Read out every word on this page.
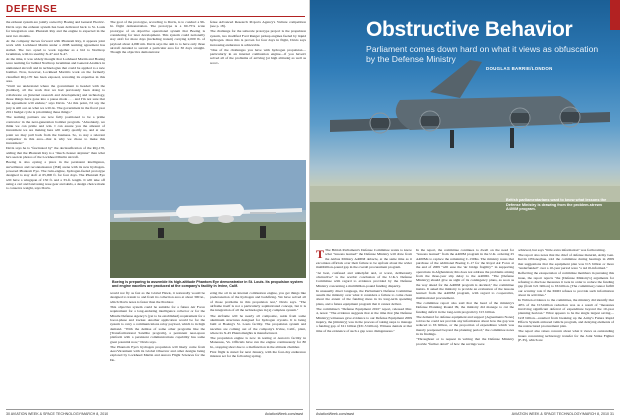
DEFENSE

the exhaust system are jointly owned by Boeing and General Electric.

Davis says the exhaust system has been delivered back to St. Louis for integration onto Phantom Ray and the engine is expected in the next two months.

At the company moves forward with Phantom Ray, it appears joint work with Lockheed Martin under a 2008 teaming agreement has stalled. The two opted to work together as a bid to Northrop Grumman, with its stealthy X-47 and X-47.

At the time, it was widely thought that Lockheed Martin and Boeing were teaming for behind Northrop Grumman and General Atomics in unmanned aircraft and in technologies that could be applied to a new bomber. Now, however, Lockheed Martin's work on the formerly classified RQ-170 has been exposed, revealing its expertise in this area.

"Until we understand where the government is headed with the [bomber], all the work that we had previously been doing to collaborate on [internal research and development] and technology, those things have gone into a pause mode . . . and I'm not sure that the agreement will endure," says Davis. "At this point, I'd say the jury is still out on what we will do. The government in the fiscal year 2011 budget cycle is prioritizing these things."

The teaming partners are now fully positioned to be a prime contractor in the next-generation bomber program. "Absolutely, we think we can prime and win. I can assure you the amount of investment we are making here will really qualify us, and at one point we may pull back from the business. So, to stay a relevant competitor in this area—that is why we chose to make this investment."

Davis says he is "fascinated by" the declassification of the RQ-170, adding that the Phantom Ray is a "much cleaner airplane" than what he's seen in photos of the Lockheed Martin aircraft.

Boeing is also eyeing a place in the persistent intelligence, surveillance and reconnaissance (ISR) arena with its new hydrogen-powered Phantom Eye. The twin-engine, hydrogen-fueled prototype designed to stay aloft at 65,000 ft. for four days. The Phantom Eye will have a wingspan of 150 ft. and a 33-ft. length. It will take off using a cart and land using nose gear and skids, a design choice made to conserve weight, says Davis.

The goal of the prototype, according to Davis, is to conduct a 96-hr. flight demonstration. The prototype is a 60-75% scale prototype of an objective operational system that Boeing is considering for later development. This system could notionally stay aloft for more days (including transit) carrying 2,000 lb. of payload about 4,000 nm. Davis says the aim is to have only three aircraft detailed to surveil a particular area for 30 days straight. Though the objective demonstrator

fense Advanced Research Projects Agency's Vulture competition (see p. 18).

The challenge for the subscale prototype project is the propulsion system, two modified Ford Ranger pickup engines fueled by liquid hydrogen. Once this is proven for four days in flight, Davis says increasing endurance is achievable.

"One of the challenges you have with hydrogen propulsion—particularly in an internal combustion engine—if you haven't solved all of the problems of arriving [at high altitude] as well as recov-

Boeing is preparing to assemble its high-altitude Phantom Eye demonstrator in St. Louis. Its propulsion system and engine nacelles are produced at the company's facility in Irvine, Calif.

would not fly as fast as the Global Hawk, it notionally would be designed to transit to and from its collection area at about 300 kt., which Davis notes is faster than the Predator.

This objective system could be suitable for a future Air Force requirement for a long-enduring intelligence collector or for the Missile Defense Agency's (yet to be established) requirement for a boost-phase and tracker. Another application would be for the system to carry a communications relay payload, which is in high demand. "With the demise of some other programs like the [Transformational Satellite program], a persistent near-space platform with a persistent communications capability has some great potential now," Davis says.

The Phantom Eye's hydrogen propulsion will likely come from AeroVironment with its Global Observer and other designs being explored by Lockheed Martin and Aurora Flight Sciences for the De-

ering the oil in an internal combustion engine, you get things like predetonation of the hydrogen and backfiring. We have solved all of those problems in this propulsion test," Davis says. "The airframe itself is not a particularly sophisticated concept, but it is the integration of all the technologies in [a] complete system."

The airframe will be nearly all composite, aside from some aluminum structures designed for hydrogen crystals. It is being built at Boeing's St. Louis facility. The propulsion system and nacelles are coming out of the company's Irvine, Calif., plant, where its X-45 Phantomsights is manufactured.

The propulsion engine is now in testing at Aurora's facility in Manassas, Va. Officials have run the engine continuously for 80 hr., stopping short due to a malfunction in the altitude chamber.

First flight is slated for next January, with the four-day endurance mission set for the following spring.

30 AVIATION WEEK & SPACE TECHNOLOGY/MARCH 8, 2010	AviationWeek.com/awst
Obstructive Behavior
Parliament comes down hard on what it views as obfuscation by the Defense Ministry
DOUGLAS BARRIE/LONDON
British parliamentarians want to know what lessons the Defense Ministry is drawing from the problem-strewn A400M program.

T The British Parliament's Defense Committee wants to know what "lessons learned" the Defense Ministry will draw from the Airbus Military A400M debacle, at the same time as it excoriates officials over their failure to be upfront about the wider multibillion-pound gap in the overall procurement program.

"At best, confused and unhelpful and, at worst, deliberately obstructive" is the acerbic conclusion of the U.K.'s Defense Committee with regard to evidence provided by the Defense Ministry concerning a multibillion-pound funding disparity.

In unusually direct language, the Parliament's Defense Committee assails the ministry over what it considers a failure to come clean about the extent of the funding mess in its long-term spending plans, and a future equipment program that it cannot deliver.

The committee's "Defense Equipment 2010" report, released Mar. 4, notes: "The evidence suggests that at the time that [the Defense Ministry] witnesses gave evidence to our Defense Equipment 2009 inquiry, the [ministry] was in the process of taking steps to manage a funding gap of £21 billion ($31.5 billion). Witness denials at that time of the existence of such a gap were disingenuous."

In the report, the committee continues to dwell on the need for "lessons learned" from the A400M program in the U.K. ordering 25 A400Ms to replace the remaining C-130Ks. The ministry notes that purchase of the additional Boeing C-17 for the Royal Air Force at the end of 2009 "will ease the 'air bridge fragility'" in supporting operations in Afghanistan; this does not address the problems arising from the three-year slip delay to the A400M. "The [Defense Ministry] should give us sight of its contingency plans, as soon as the way ahead for the A400M program is decided," the committee insists. It asked the ministry to provide an evaluation of the lessons learned from the A400M program, with regard to cooperative, multinational procurement.

The committee report also said that the head of the ministry's Defense Planning Round 09, the ministry did manage to cut the funding deficit in the long-term program by £15 billion.

The demand for defense equipment and support [Agreements Notes] told us he could not provide any information about how the gap was reduced to £6 billion, or the proportion of expenditure which was merely postponed beyond the planning period," the committee notes in its findings.

"Throughout or to request in writing that the Defense Ministry provide "further detail" of how the savings were

achieved, but says "little extra information" was forthcoming.

The report also notes that the chief of defense materiel, Army Gen. Kevin O'Donoghue, told the committee during hearings in 2009 that suggestions that the equipment plan was £15 billion or more "underfunded" over a 10-year period were "a tad ill-informed."

Reflecting the exasperation of committee members in pursuing this issue, the report rejects "the [Defense Ministry's] arguments for refusing to disclose measures it took in order to reduce the funding gap (from £21 billion) to £6 billion. [The committee] cannot fulfill our scrutiny role if the MOD refuses to provide such information about its activities."

In Written evidence to the committee, the ministry did identify that 40% of the £15-billion reduction was as a result of "measures involving significant deferral of expenditure beyond the 10-year planning horizon." What appears to be the single largest saving—£2.8 billion—resulted from breaking up the Army's Future Rapid Effects System armored vehicle program, and delaying elements of the restructured procurement plan.

The report also raises concern about what it views as outstanding issues concerning technology transfer for the Joint Strike Fighter (F-35), which are

AviationWeek.com/awst	AVIATION WEEK & SPACE TECHNOLOGY/MARCH 8, 2010 31
